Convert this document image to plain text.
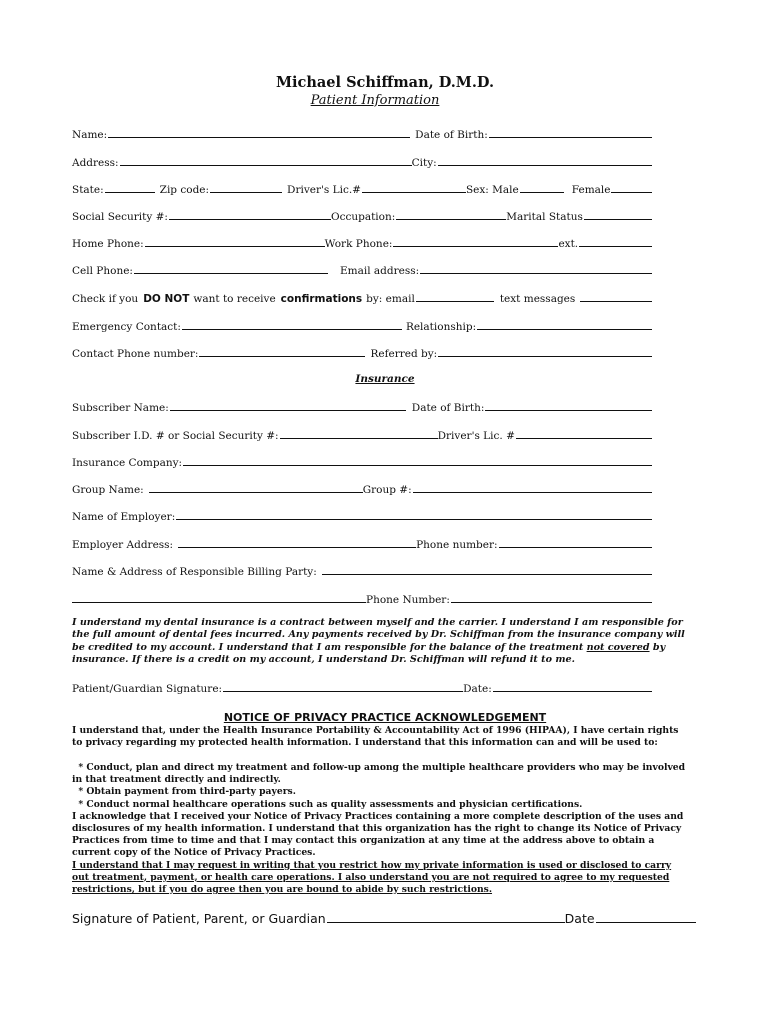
Michael Schiffman, D.M.D.
Patient Information
Name:	Date of Birth:
Address:	City:
State:	Zip code:	Driver's Lic.#	Sex: Male	Female
Social Security #:	Occupation:	Marital Status
Home Phone:	Work Phone:	ext.
Cell Phone:	Email address:
Check if you DO NOT want to receive confirmations by: email	text messages
Emergency Contact:	Relationship:
Contact Phone number:	Referred by:
Insurance
Subscriber Name:	Date of Birth:
Subscriber I.D. # or Social Security #:	Driver's Lic. #
Insurance Company:
Group Name:	Group #:
Name of Employer:
Employer Address:	Phone number:
Name & Address of Responsible Billing Party:
Phone Number:
I understand my dental insurance is a contract between myself and the carrier. I understand I am responsible for
the full amount of dental fees incurred. Any payments received by Dr. Schiffman from the insurance company will
be credited to my account. I understand that I am responsible for the balance of the treatment not covered by
insurance. If there is a credit on my account, I understand Dr. Schiffman will refund it to me.
Patient/Guardian Signature:	Date:
NOTICE OF PRIVACY PRACTICE ACKNOWLEDGEMENT

I understand that, under the Health Insurance Portability & Accountability Act of 1996 (HIPAA), I have certain rights

to privacy regarding my protected health information. I understand that this information can and will be used to:

* Conduct, plan and direct my treatment and follow-up among the multiple healthcare providers who may be involved

in that treatment directly and indirectly.

* Obtain payment from third-party payers.

* Conduct normal healthcare operations such as quality assessments and physician certifications.

I acknowledge that I received your Notice of Privacy Practices containing a more complete description of the uses and

disclosures of my health information. I understand that this organization has the right to change its Notice of Privacy

Practices from time to time and that I may contact this organization at any time at the address above to obtain a

current copy of the Notice of Privacy Practices.

I understand that I may request in writing that you restrict how my private information is used or disclosed to carry

out treatment, payment, or health care operations. I also understand you are not required to agree to my requested

restrictions, but if you do agree then you are bound to abide by such restrictions.

Signature of Patient, Parent, or Guardian	Date
